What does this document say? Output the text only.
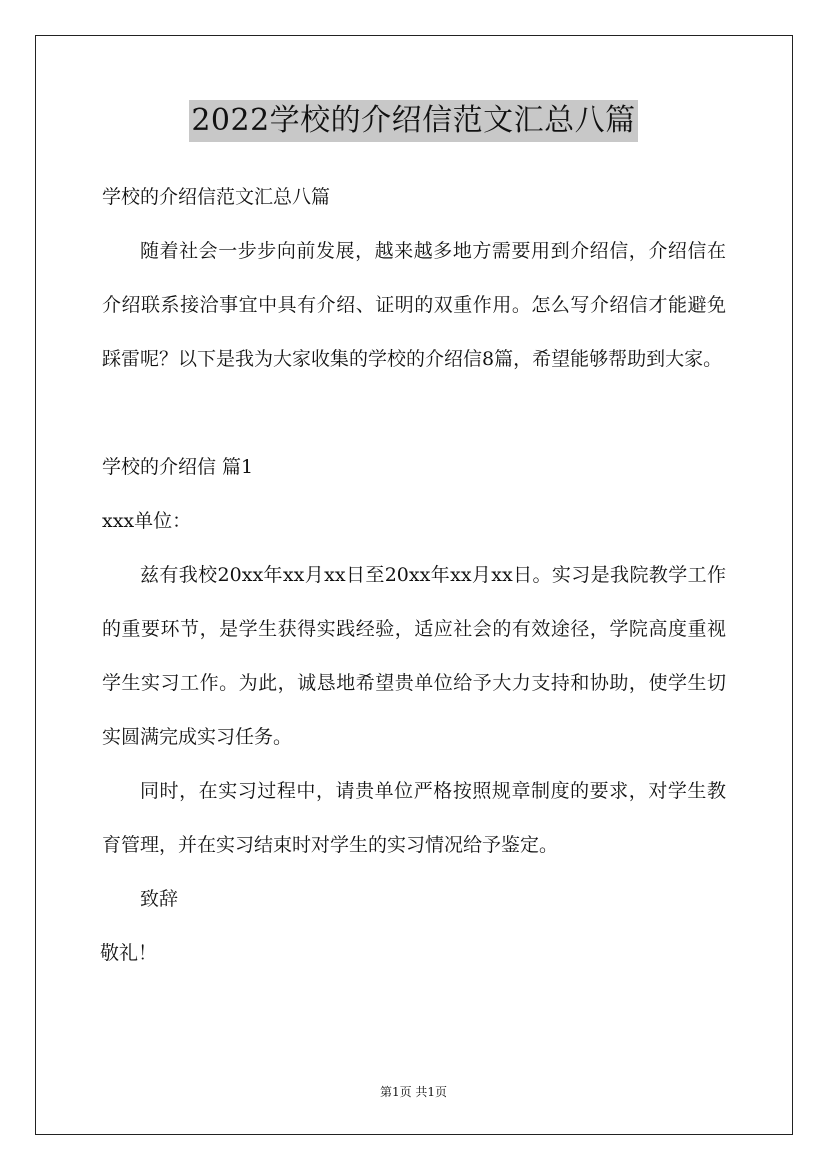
2022学校的介绍信范文汇总八篇

学校的介绍信范文汇总八篇

随着社会一步步向前发展，越来越多地方需要用到介绍信，介绍信在介绍联系接洽事宜中具有介绍、证明的双重作用。怎么写介绍信才能避免踩雷呢？以下是我为大家收集的学校的介绍信8篇，希望能够帮助到大家。

学校的介绍信 篇1

xxx单位：

兹有我校20xx年xx月xx日至20xx年xx月xx日。实习是我院教学工作的重要环节，是学生获得实践经验，适应社会的有效途径，学院高度重视学生实习工作。为此，诚恳地希望贵单位给予大力支持和协助，使学生切实圆满完成实习任务。

同时，在实习过程中，请贵单位严格按照规章制度的要求，对学生教育管理，并在实习结束时对学生的实习情况给予鉴定。

致辞

敬礼！

第1页 共1页
